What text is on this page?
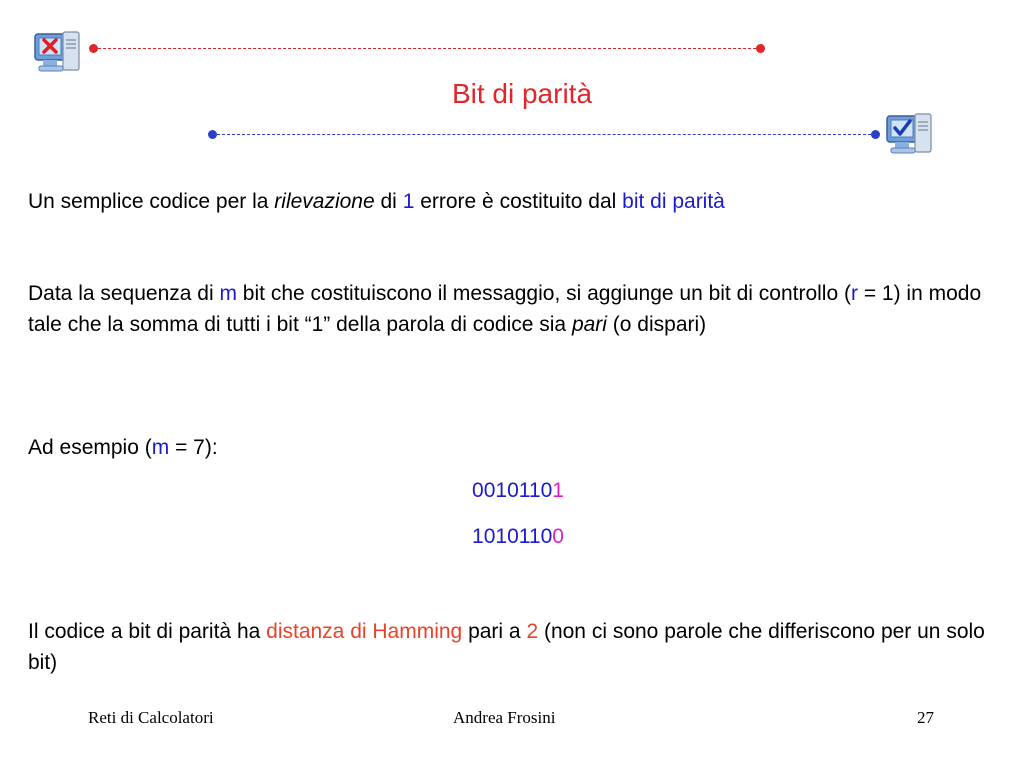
Bit di parità
Un semplice codice per la rilevazione di 1 errore è costituito dal bit di parità
Data la sequenza di m bit che costituiscono il messaggio, si aggiunge un bit di controllo (r = 1) in modo tale che la somma di tutti i bit “1” della parola di codice sia pari (o dispari)
Ad esempio (m = 7):
00101101
10101100
Il codice a bit di parità ha distanza di Hamming pari a 2 (non ci sono parole che differiscono per un solo bit)
Reti di Calcolatori	Andrea Frosini	27
